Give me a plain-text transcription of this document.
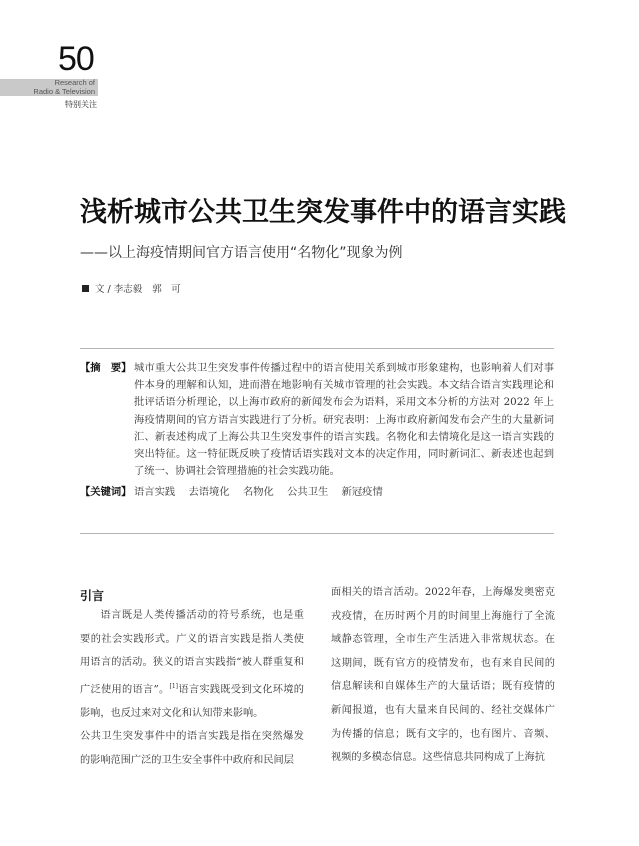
50
Research of
Radio & Television
特别关注
浅析城市公共卫生突发事件中的语言实践
——以上海疫情期间官方语言使用“名物化”现象为例
文 / 李志毅 郭　可
【摘　要】 城市重大公共卫生突发事件传播过程中的语言使用关系到城市形象建构，也影响着人们对事件本身的理解和认知，进而潜在地影响有关城市管理的社会实践。本文结合语言实践理论和批评话语分析理论，以上海市政府的新闻发布会为语料，采用文本分析的方法对 2022 年上海疫情期间的官方语言实践进行了分析。研究表明：上海市政府新闻发布会产生的大量新词汇、新表述构成了上海公共卫生突发事件的语言实践。名物化和去情境化是这一语言实践的突出特征。这一特征既反映了疫情话语实践对文本的决定作用，同时新词汇、新表述也起到了统一、协调社会管理措施的社会实践功能。
【关键词】 语言实践 去语境化 名物化 公共卫生 新冠疫情
引言

语言既是人类传播活动的符号系统，也是重要的社会实践形式。广义的语言实践是指人类使用语言的活动。狭义的语言实践指“被人群重复和广泛使用的语言”。[1]语言实践既受到文化环境的影响，也反过来对文化和认知带来影响。

公共卫生突发事件中的语言实践是指在突然爆发的影响范围广泛的卫生安全事件中政府和民间层

面相关的语言活动。2022年春，上海爆发奥密克戎疫情，在历时两个月的时间里上海施行了全流域静态管理，全市生产生活进入非常规状态。在这期间，既有官方的疫情发布，也有来自民间的信息解读和自媒体生产的大量话语；既有疫情的新闻报道，也有大量来自民间的、经社交媒体广为传播的信息；既有文字的，也有图片、音频、视频的多模态信息。这些信息共同构成了上海抗
